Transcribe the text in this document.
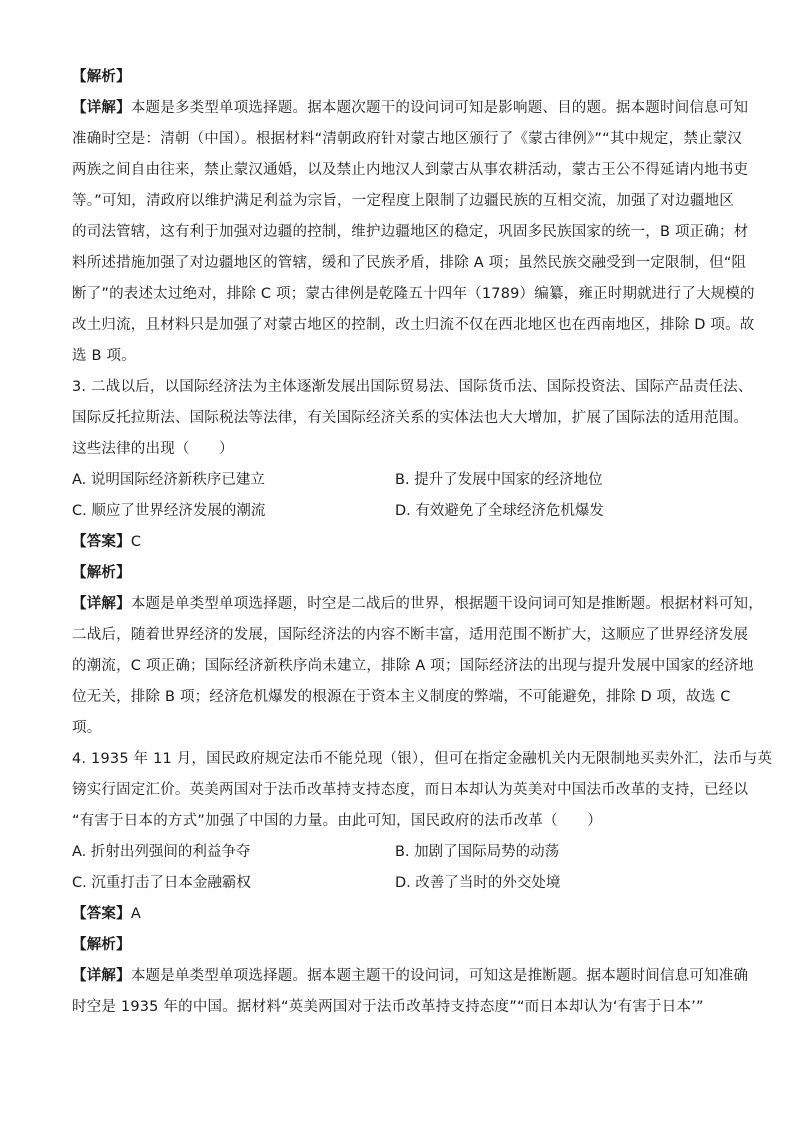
【解析】
【详解】本题是多类型单项选择题。据本题次题干的设问词可知是影响题、目的题。据本题时间信息可知
准确时空是：清朝（中国）。根据材料“清朝政府针对蒙古地区颁行了《蒙古律例》”“其中规定，禁止蒙汉
两族之间自由往来，禁止蒙汉通婚，以及禁止内地汉人到蒙古从事农耕活动，蒙古王公不得延请内地书吏
等。”可知，清政府以维护满足利益为宗旨，一定程度上限制了边疆民族的互相交流，加强了对边疆地区
的司法管辖，这有利于加强对边疆的控制，维护边疆地区的稳定，巩固多民族国家的统一，B 项正确；材
料所述措施加强了对边疆地区的管辖，缓和了民族矛盾，排除 A 项；虽然民族交融受到一定限制，但“阻
断了”的表述太过绝对，排除 C 项；蒙古律例是乾隆五十四年（1789）编纂，雍正时期就进行了大规模的
改土归流，且材料只是加强了对蒙古地区的控制，改土归流不仅在西北地区也在西南地区，排除 D 项。故
选 B 项。
3. 二战以后，以国际经济法为主体逐渐发展出国际贸易法、国际货币法、国际投资法、国际产品责任法、
国际反托拉斯法、国际税法等法律，有关国际经济关系的实体法也大大增加，扩展了国际法的适用范围。
这些法律的出现（　　）
A. 说明国际经济新秩序已建立	B. 提升了发展中国家的经济地位
C. 顺应了世界经济发展的潮流	D. 有效避免了全球经济危机爆发
【答案】C
【解析】
【详解】本题是单类型单项选择题，时空是二战后的世界，根据题干设问词可知是推断题。根据材料可知，
二战后，随着世界经济的发展，国际经济法的内容不断丰富，适用范围不断扩大，这顺应了世界经济发展
的潮流，C 项正确；国际经济新秩序尚未建立，排除 A 项；国际经济法的出现与提升发展中国家的经济地
位无关，排除 B 项；经济危机爆发的根源在于资本主义制度的弊端，不可能避免，排除 D 项，故选 C
项。
4. 1935 年 11 月，国民政府规定法币不能兑现（银），但可在指定金融机关内无限制地买卖外汇，法币与英
镑实行固定汇价。英美两国对于法币改革持支持态度，而日本却认为英美对中国法币改革的支持，已经以
“有害于日本的方式”加强了中国的力量。由此可知，国民政府的法币改革（　　）
A. 折射出列强间的利益争夺	B. 加剧了国际局势的动荡
C. 沉重打击了日本金融霸权	D. 改善了当时的外交处境
【答案】A
【解析】
【详解】本题是单类型单项选择题。据本题主题干的设问词，可知这是推断题。据本题时间信息可知准确
时空是 1935 年的中国。据材料“英美两国对于法币改革持支持态度”“而日本却认为‘有害于日本’”
